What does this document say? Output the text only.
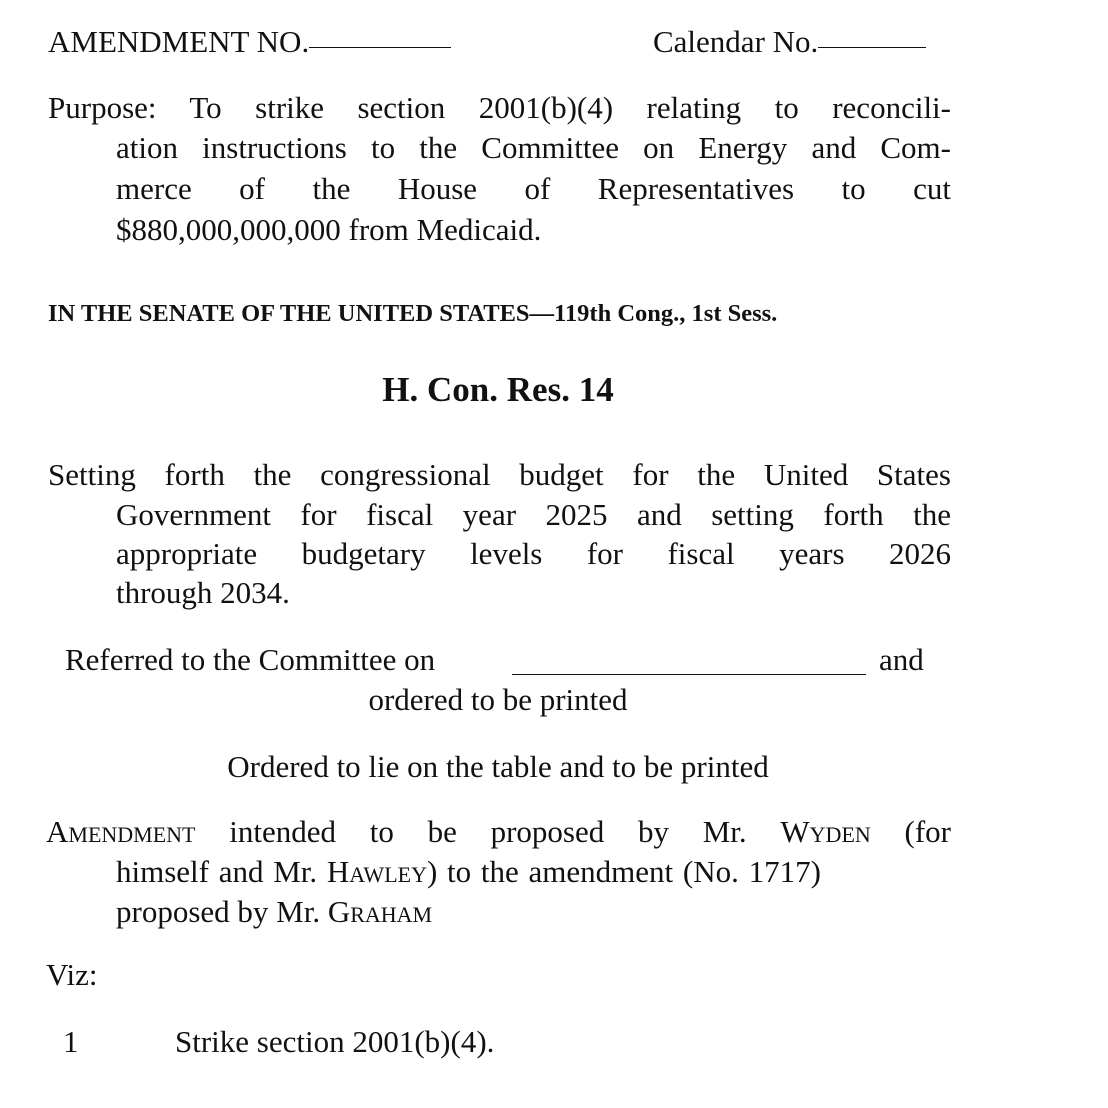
AMENDMENT NO.	Calendar No.
Purpose: To strike section 2001(b)(4) relating to reconcili-
ation instructions to the Committee on Energy and Com-
merce of the House of Representatives to cut
$880,000,000,000 from Medicaid.
IN THE SENATE OF THE UNITED STATES—119th Cong., 1st Sess.
H. Con. Res. 14
Setting forth the congressional budget for the United States
Government for fiscal year 2025 and setting forth the
appropriate budgetary levels for fiscal years 2026
through 2034.
Referred to the Committee on	and
ordered to be printed
Ordered to lie on the table and to be printed
Amendment intended to be proposed by Mr. Wyden (for
himself and Mr. Hawley) to the amendment (No. 1717)
proposed by Mr. Graham
Viz:
1	Strike section 2001(b)(4).
